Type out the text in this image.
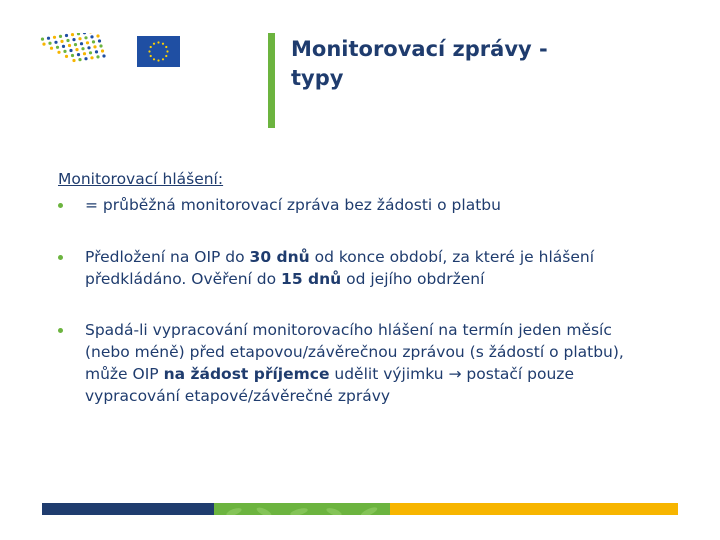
Monitorovací zprávy -
typy
Monitorovací hlášení:
= průběžná monitorovací zpráva bez žádosti o platbu
Předložení na OIP do 30 dnů od konce období, za které je hlášení předkládáno. Ověření do 15 dnů od jejího obdržení
Spadá-li vypracování monitorovacího hlášení na termín jeden měsíc (nebo méně) před etapovou/závěrečnou zprávou (s žádostí o platbu), může OIP na žádost příjemce udělit výjimku → postačí pouze vypracování etapové/závěrečné zprávy
